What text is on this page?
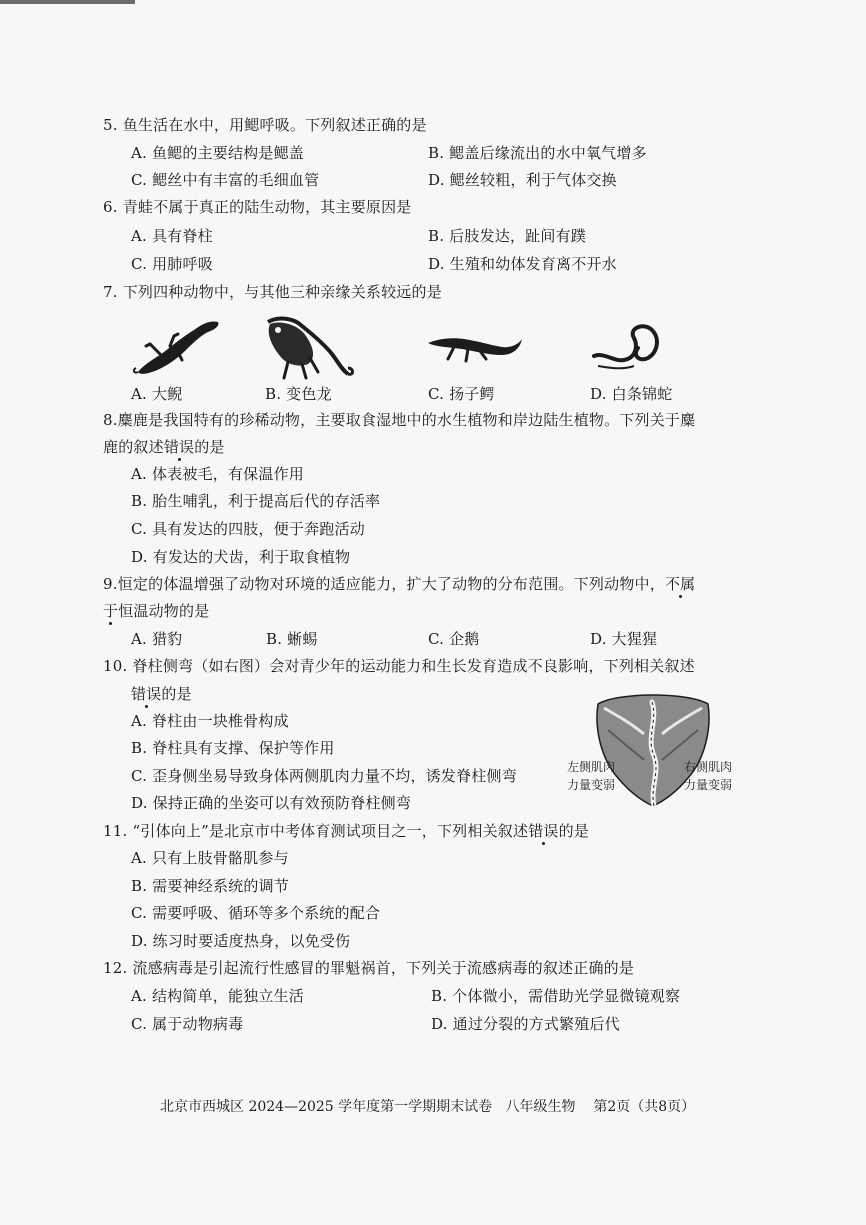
5. 鱼生活在水中，用鳃呼吸。下列叙述正确的是
A. 鱼鳃的主要结构是鳃盖	B. 鳃盖后缘流出的水中氧气增多
C. 鳃丝中有丰富的毛细血管	D. 鳃丝较粗，利于气体交换
6. 青蛙不属于真正的陆生动物，其主要原因是
A. 具有脊柱	B. 后肢发达，趾间有蹼
C. 用肺呼吸	D. 生殖和幼体发育离不开水
7. 下列四种动物中，与其他三种亲缘关系较远的是
A. 大鲵	B. 变色龙	C. 扬子鳄	D. 白条锦蛇
8.麋鹿是我国特有的珍稀动物，主要取食湿地中的水生植物和岸边陆生植物。下列关于麋
鹿的叙述错误的是
A. 体表被毛，有保温作用
B. 胎生哺乳，利于提高后代的存活率
C. 具有发达的四肢，便于奔跑活动
D. 有发达的犬齿，利于取食植物
9.恒定的体温增强了动物对环境的适应能力，扩大了动物的分布范围。下列动物中，不属
于恒温动物的是
A. 猎豹	B. 蜥蜴	C. 企鹅	D. 大猩猩
10. 脊柱侧弯（如右图）会对青少年的运动能力和生长发育造成不良影响，下列相关叙述
错误的是
A. 脊柱由一块椎骨构成
B. 脊柱具有支撑、保护等作用
C. 歪身侧坐易导致身体两侧肌肉力量不均，诱发脊柱侧弯
D. 保持正确的坐姿可以有效预防脊柱侧弯
左侧肌肉
力量变弱
右侧肌肉
力量变弱
11. “引体向上”是北京市中考体育测试项目之一，下列相关叙述错误的是
A. 只有上肢骨骼肌参与
B. 需要神经系统的调节
C. 需要呼吸、循环等多个系统的配合
D. 练习时要适度热身，以免受伤
12. 流感病毒是引起流行性感冒的罪魁祸首，下列关于流感病毒的叙述正确的是
A. 结构简单，能独立生活	B. 个体微小，需借助光学显微镜观察
C. 属于动物病毒	D. 通过分裂的方式繁殖后代
北京市西城区 2024—2025 学年度第一学期期末试卷 八年级生物 第2页（共8页）
